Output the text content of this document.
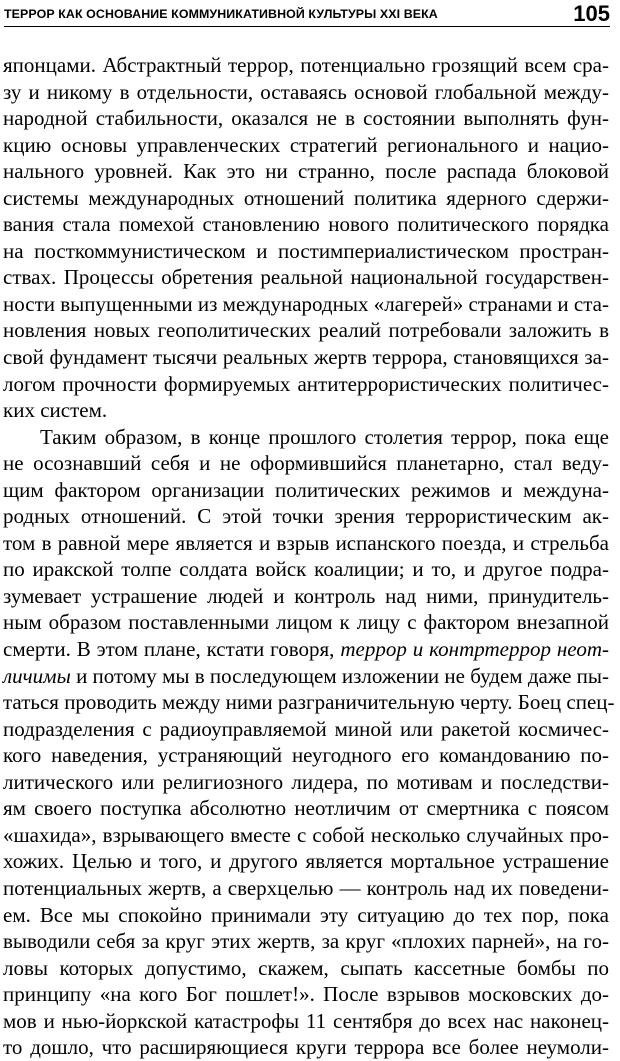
ТЕРРОР КАК ОСНОВАНИЕ КОММУНИКАТИВНОЙ КУЛЬТУРЫ XXI ВЕКА	105
японцами. Абстрактный террор, потенциально грозящий всем сра-
зу и никому в отдельности, оставаясь основой глобальной между-
народной стабильности, оказался не в состоянии выполнять фун-
кцию основы управленческих стратегий регионального и нацио-
нального уровней. Как это ни странно, после распада блоковой
системы международных отношений политика ядерного сдержи-
вания стала помехой становлению нового политического порядка
на посткоммунистическом и постимпериалистическом простран-
ствах. Процессы обретения реальной национальной государствен-
ности выпущенными из международных «лагерей» странами и ста-
новления новых геополитических реалий потребовали заложить в
свой фундамент тысячи реальных жертв террора, становящихся за-
логом прочности формируемых антитеррористических политичес-
ких систем.
Таким образом, в конце прошлого столетия террор, пока еще
не осознавший себя и не оформившийся планетарно, стал веду-
щим фактором организации политических режимов и междуна-
родных отношений. С этой точки зрения террористическим ак-
том в равной мере является и взрыв испанского поезда, и стрельба
по иракской толпе солдата войск коалиции; и то, и другое подра-
зумевает устрашение людей и контроль над ними, принудитель-
ным образом поставленными лицом к лицу с фактором внезапной
смерти. В этом плане, кстати говоря, террор и контртеррор неот-
личимы и потому мы в последующем изложении не будем даже пы-
таться проводить между ними разграничительную черту. Боец спец-
подразделения с радиоуправляемой миной или ракетой космичес-
кого наведения, устраняющий неугодного его командованию по-
литического или религиозного лидера, по мотивам и последстви-
ям своего поступка абсолютно неотличим от смертника с поясом
«шахида», взрывающего вместе с собой несколько случайных про-
хожих. Целью и того, и другого является мортальное устрашение
потенциальных жертв, а сверхцелью — контроль над их поведени-
ем. Все мы спокойно принимали эту ситуацию до тех пор, пока
выводили себя за круг этих жертв, за круг «плохих парней», на го-
ловы которых допустимо, скажем, сыпать кассетные бомбы по
принципу «на кого Бог пошлет!». После взрывов московских до-
мов и нью-йоркской катастрофы 11 сентября до всех нас наконец-
то дошло, что расширяющиеся круги террора все более неумоли-
